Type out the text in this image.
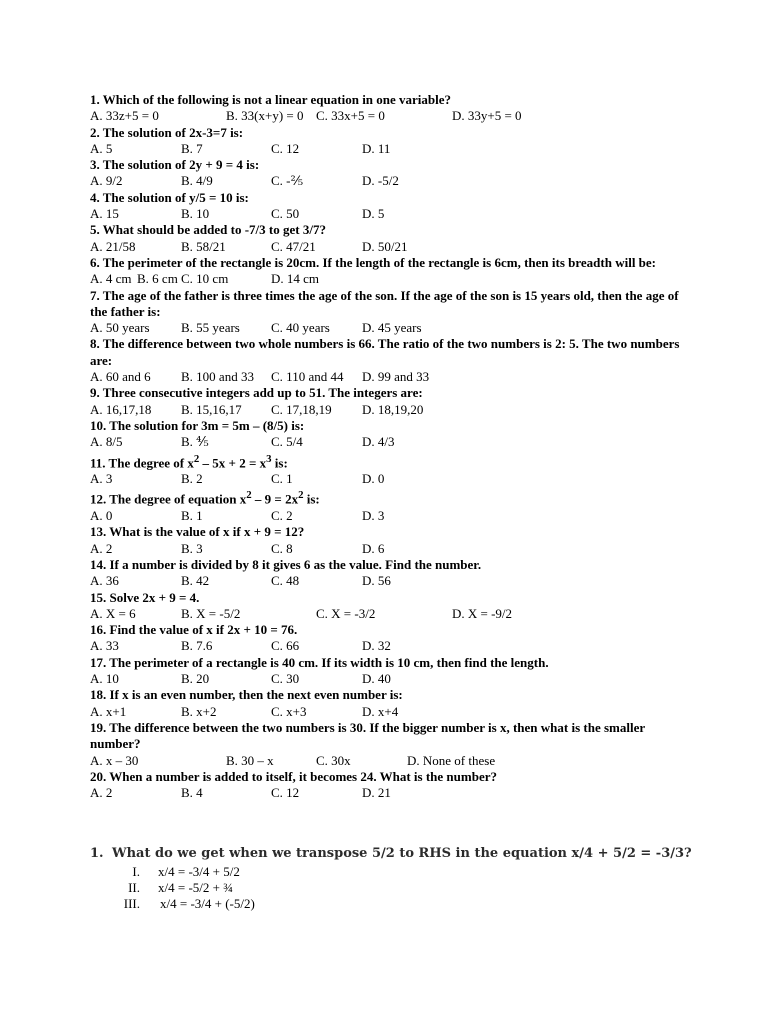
1. Which of the following is not a linear equation in one variable?
A. 33z+5 = 0	B. 33(x+y) = 0 C. 33x+5 = 0	D. 33y+5 = 0
2. The solution of 2x-3=7 is:
A. 5	B. 7	C. 12	D. 11
3. The solution of 2y + 9 = 4 is:
A. 9/2	B. 4/9	C. -⅖	D. -5/2
4. The solution of y/5 = 10 is:
A. 15	B. 10	C. 50	D. 5
5. What should be added to -7/3 to get 3/7?
A. 21/58	B. 58/21	C. 47/21	D. 50/21
6. The perimeter of the rectangle is 20cm. If the length of the rectangle is 6cm, then its breadth will be:
A. 4 cm B. 6 cm C. 10 cm	D. 14 cm
7. The age of the father is three times the age of the son. If the age of the son is 15 years old, then the age of the father is:
A. 50 years B. 55 years C. 40 years D. 45 years
8. The difference between two whole numbers is 66. The ratio of the two numbers is 2: 5. The two numbers are:
A. 60 and 6 B. 100 and 33 C. 110 and 44 D. 99 and 33
9. Three consecutive integers add up to 51. The integers are:
A. 16,17,18 B. 15,16,17 C. 17,18,19 D. 18,19,20
10. The solution for 3m = 5m – (8/5) is:
A. 8/5	B. ⅘	C. 5/4	D. 4/3
11. The degree of $x^2 - 5x + 2 = x^3$ is:
A. 3	B. 2	C. 1	D. 0
12. The degree of equation $x^2 - 9 = 2x^2$ is:
A. 0	B. 1	C. 2	D. 3
13. What is the value of x if x + 9 = 12?
A. 2	B. 3	C. 8	D. 6
14. If a number is divided by 8 it gives 6 as the value. Find the number.
A. 36	B. 42	C. 48	D. 56
15. Solve 2x + 9 = 4.
A. X = 6	B. X = -5/2	C. X = -3/2	D. X = -9/2
16. Find the value of x if 2x + 10 = 76.
A. 33	B. 7.6	C. 66	D. 32
17. The perimeter of a rectangle is 40 cm. If its width is 10 cm, then find the length.
A. 10	B. 20	C. 30	D. 40
18. If x is an even number, then the next even number is:
A. x+1	B. x+2	C. x+3	D. x+4
19. The difference between the two numbers is 30. If the bigger number is x, then what is the smaller number?
A. x – 30	B. 30 – x	C. 30x	D. None of these
20. When a number is added to itself, it becomes 24. What is the number?
A. 2	B. 4	C. 12	D. 21
1. What do we get when we transpose 5/2 to RHS in the equation x/4 + 5/2 = -3/3?
I. x/4 = -3/4 + 5/2
II. x/4 = -5/2 + ¾
III. x/4 = -3/4 + (-5/2)
